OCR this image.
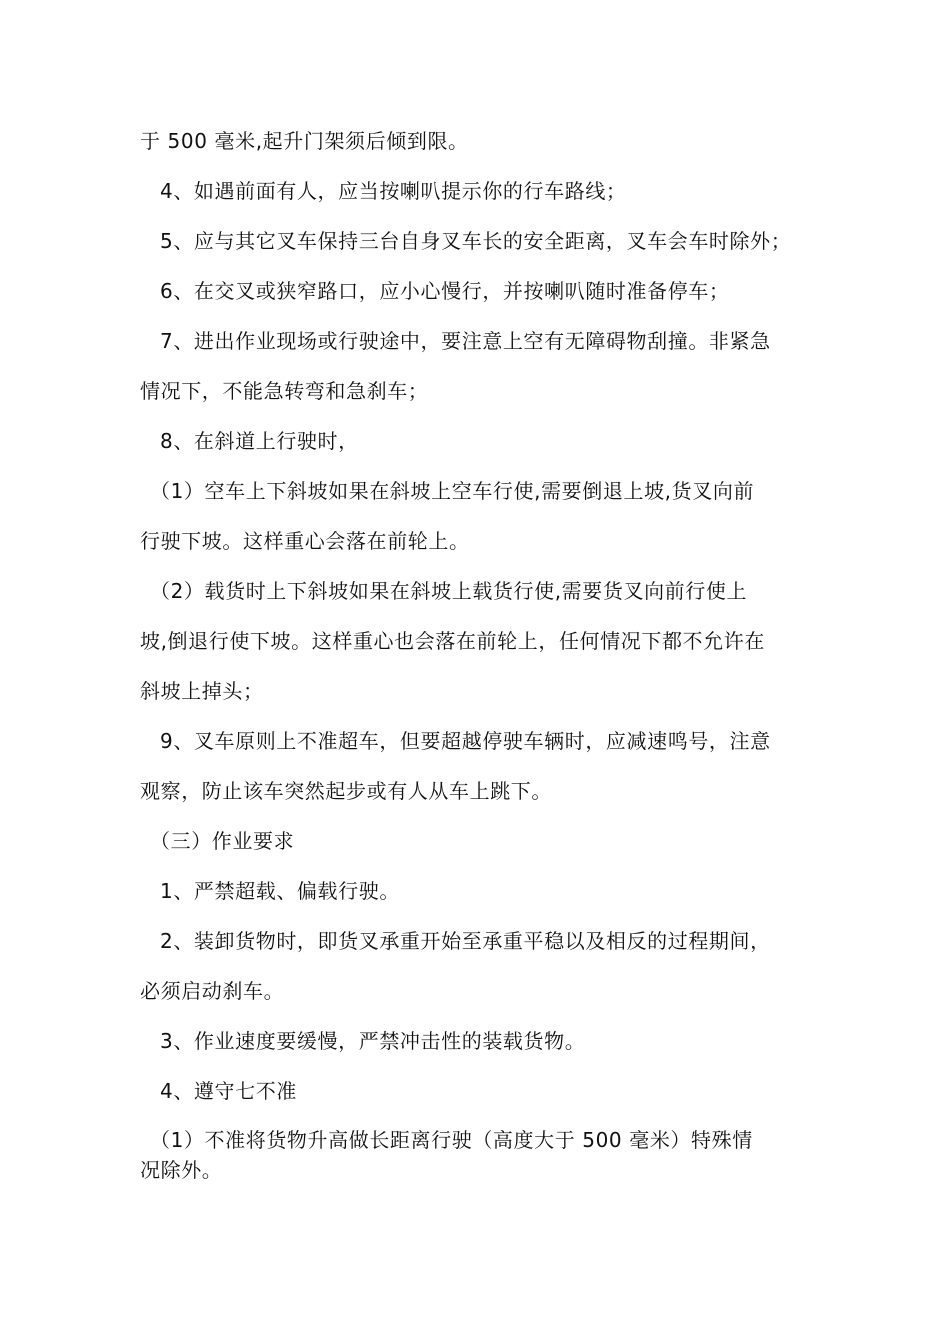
于 500 毫米,起升门架须后倾到限。
4、如遇前面有人，应当按喇叭提示你的行车路线；
5、应与其它叉车保持三台自身叉车长的安全距离，叉车会车时除外；
6、在交叉或狭窄路口，应小心慢行，并按喇叭随时准备停车；
7、进出作业现场或行驶途中，要注意上空有无障碍物刮撞。非紧急
情况下，不能急转弯和急刹车；
8、在斜道上行驶时，
（1）空车上下斜坡如果在斜坡上空车行使,需要倒退上坡,货叉向前
行驶下坡。这样重心会落在前轮上。
（2）载货时上下斜坡如果在斜坡上载货行使,需要货叉向前行使上
坡,倒退行使下坡。这样重心也会落在前轮上，任何情况下都不允许在
斜坡上掉头；
9、叉车原则上不准超车，但要超越停驶车辆时，应减速鸣号，注意
观察，防止该车突然起步或有人从车上跳下。
（三）作业要求
1、严禁超载、偏载行驶。
2、装卸货物时，即货叉承重开始至承重平稳以及相反的过程期间，
必须启动刹车。
3、作业速度要缓慢，严禁冲击性的装载货物。
4、遵守七不准
（1）不准将货物升高做长距离行驶（高度大于 500 毫米）特殊情
况除外。
